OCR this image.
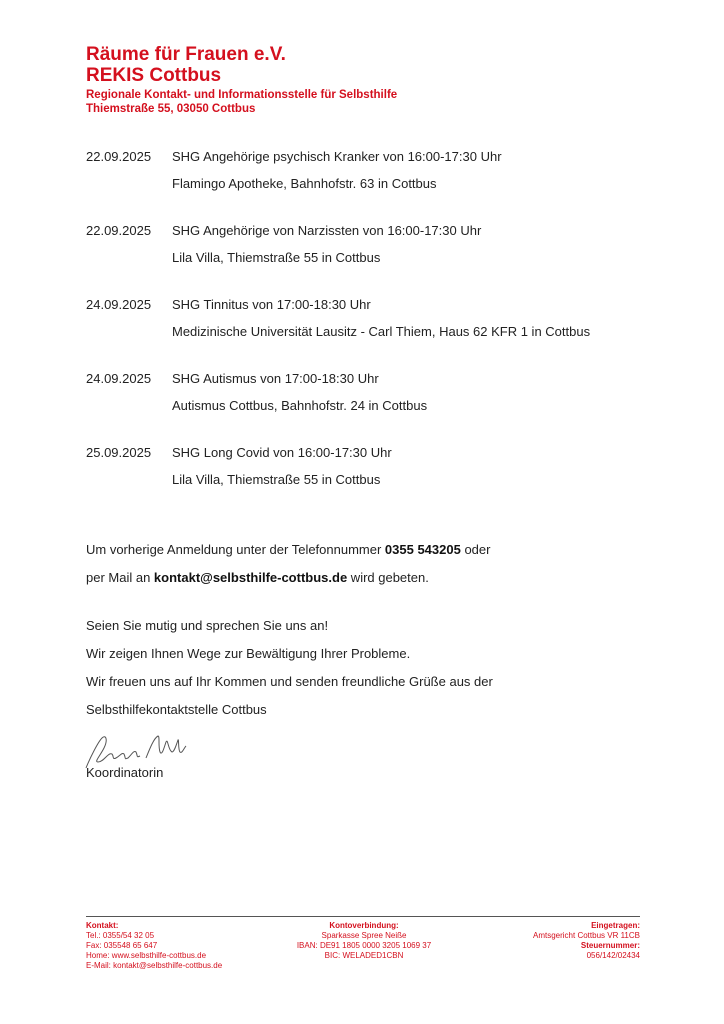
Räume für Frauen e.V.
REKIS Cottbus
Regionale Kontakt- und Informationsstelle für Selbsthilfe
Thiemstraße 55, 03050 Cottbus
22.09.2025 SHG Angehörige psychisch Kranker von 16:00-17:30 Uhr
Flamingo Apotheke, Bahnhofstr. 63 in Cottbus
22.09.2025 SHG Angehörige von Narzissten von 16:00-17:30 Uhr
Lila Villa, Thiemstraße 55 in Cottbus
24.09.2025 SHG Tinnitus von 17:00-18:30 Uhr
Medizinische Universität Lausitz - Carl Thiem, Haus 62 KFR 1 in Cottbus
24.09.2025 SHG Autismus von 17:00-18:30 Uhr
Autismus Cottbus, Bahnhofstr. 24 in Cottbus
25.09.2025 SHG Long Covid von 16:00-17:30 Uhr
Lila Villa, Thiemstraße 55 in Cottbus
Um vorherige Anmeldung unter der Telefonnummer 0355 543205 oder
per Mail an kontakt@selbsthilfe-cottbus.de wird gebeten.
Seien Sie mutig und sprechen Sie uns an!
Wir zeigen Ihnen Wege zur Bewältigung Ihrer Probleme.
Wir freuen uns auf Ihr Kommen und senden freundliche Grüße aus der
Selbsthilfekontaktstelle Cottbus
Koordinatorin
Kontakt:
Tel.: 0355/54 32 05
Fax: 035548 65 647
Home: www.selbsthilfe-cottbus.de
E-Mail: kontakt@selbsthilfe-cottbus.de
Kontoverbindung:
Sparkasse Spree Neiße
IBAN: DE91 1805 0000 3205 1069 37
BIC: WELADED1CBN
Eingetragen:
Amtsgericht Cottbus VR 11CB
Steuernummer:
056/142/02434
